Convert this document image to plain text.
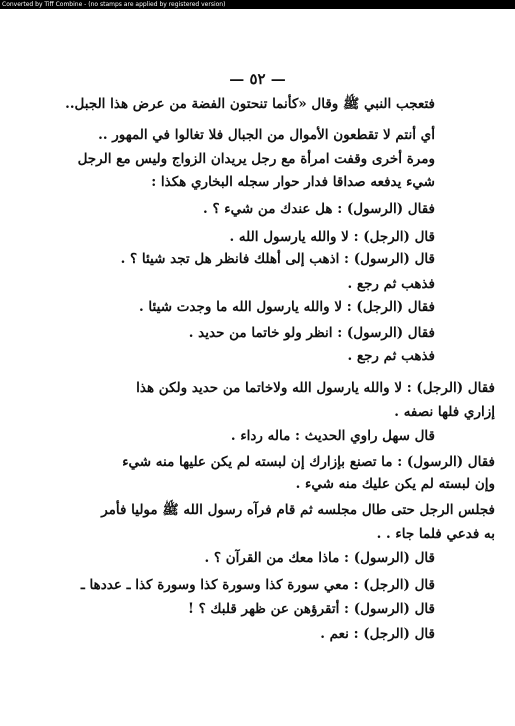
Converted by Tiff Combine - (no stamps are applied by registered version)
— ٥٢ —
فتعجب النبي ﷺ وقال «كأنما تنحتون الفضة من عرض هذا الجبل..
أي أنتم لا تقطعون الأموال من الجبال فلا تغالوا في المهور ..
ومرة أخرى وقفت امرأة مع رجل يريدان الزواج وليس مع الرجل
شيء يدفعه صداقا فدار حوار سجله البخاري هكذا :
فقال (الرسول) : هل عندك من شيء ؟ .
قال (الرجل) : لا والله يارسول الله .
قال (الرسول) : اذهب إلى أهلك فانظر هل تجد شيئا ؟ .
فذهب ثم رجع .
فقال (الرجل) : لا والله يارسول الله ما وجدت شيئا .
فقال (الرسول) : انظر ولو خاتما من حديد .
فذهب ثم رجع .
فقال (الرجل) : لا والله يارسول الله ولاخاتما من حديد ولكن هذا
إزاري فلها نصفه .
قال سهل راوي الحديث : ماله رداء .
فقال (الرسول) : ما تصنع بإزارك إن لبسته لم يكن عليها منه شيء
وإن لبسته لم يكن عليك منه شيء .
فجلس الرجل حتى طال مجلسه ثم قام فرآه رسول الله ﷺ موليا فأمر
به فدعي فلما جاء . .
قال (الرسول) : ماذا معك من القرآن ؟ .
قال (الرجل) : معي سورة كذا وسورة كذا وسورة كذا ـ عددها ـ
قال (الرسول) : أتقرؤهن عن ظهر قلبك ؟ !
قال (الرجل) : نعم .
